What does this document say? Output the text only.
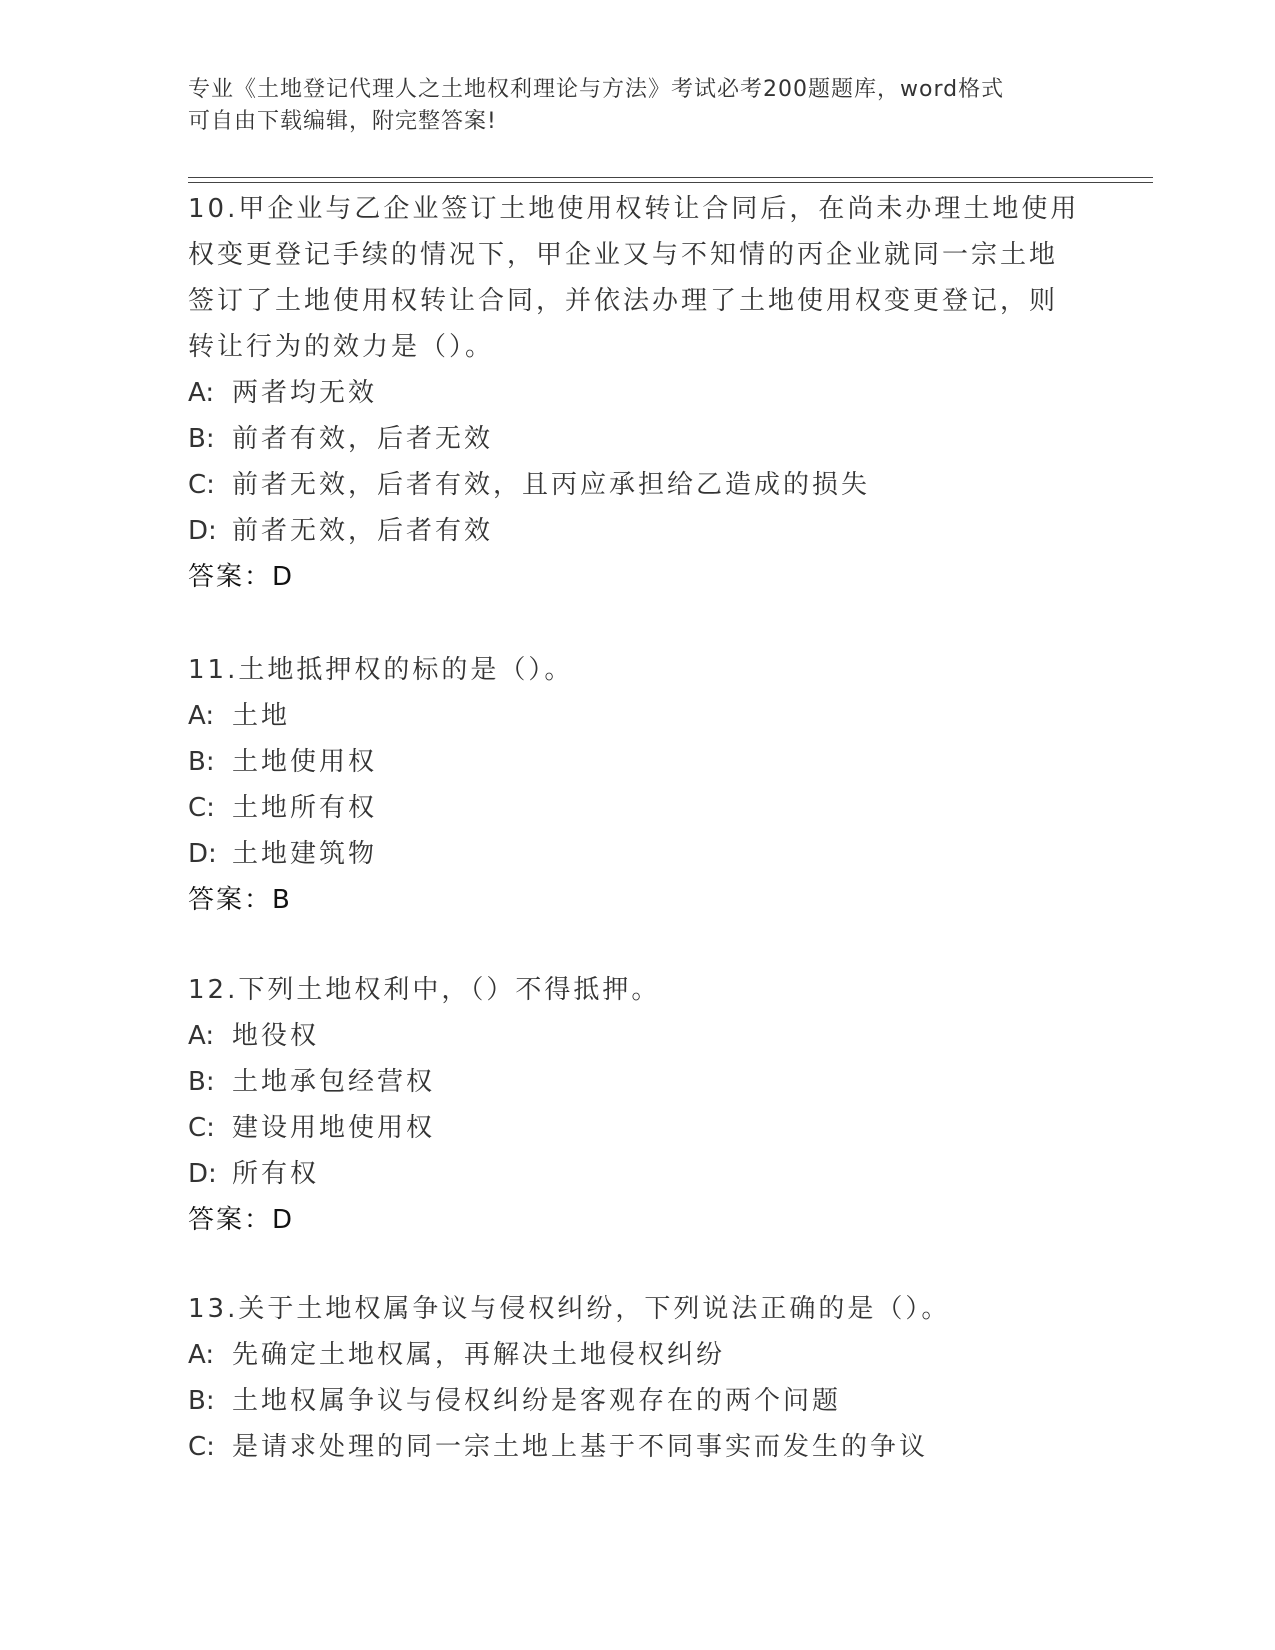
专业《土地登记代理人之土地权利理论与方法》考试必考200题题库，word格式

可自由下载编辑，附完整答案!

10.甲企业与乙企业签订土地使用权转让合同后，在尚未办理土地使用

权变更登记手续的情况下，甲企业又与不知情的丙企业就同一宗土地

签订了土地使用权转让合同，并依法办理了土地使用权变更登记，则

转让行为的效力是（）。

A: 两者均无效

B: 前者有效，后者无效

C: 前者无效，后者有效，且丙应承担给乙造成的损失

D: 前者无效，后者有效

答案：D

11.土地抵押权的标的是（）。

A: 土地

B: 土地使用权

C: 土地所有权

D: 土地建筑物

答案：B

12.下列土地权利中，（）不得抵押。

A: 地役权

B: 土地承包经营权

C: 建设用地使用权

D: 所有权

答案：D

13.关于土地权属争议与侵权纠纷，下列说法正确的是（）。

A: 先确定土地权属，再解决土地侵权纠纷

B: 土地权属争议与侵权纠纷是客观存在的两个问题

C: 是请求处理的同一宗土地上基于不同事实而发生的争议
